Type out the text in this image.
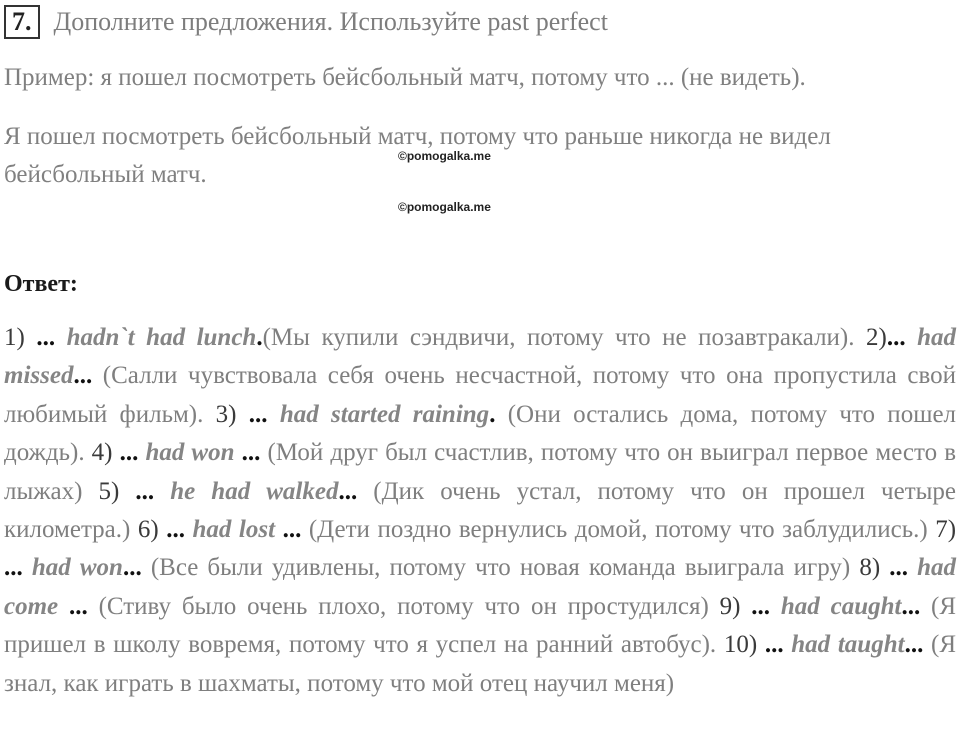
7. Дополните предложения. Используйте past perfect
Пример: я пошел посмотреть бейсбольный матч, потому что ... (не видеть).
Я пошел посмотреть бейсбольный матч, потому что раньше никогда не видел бейсбольный матч.
©pomogalka.me
©pomogalka.me
Ответ:
1) ... hadn`t had lunch.(Мы купили сэндвичи, потому что не позавтракали). 2)... had missed... (Салли чувствовала себя очень несчастной, потому что она пропустила свой любимый фильм). 3) ... had started raining. (Они остались дома, потому что пошел дождь). 4) ... had won ... (Мой друг был счастлив, потому что он выиграл первое место в лыжах) 5) ... he had walked... (Дик очень устал, потому что он прошел четыре километра.) 6) ... had lost ... (Дети поздно вернулись домой, потому что заблудились.) 7) ... had won... (Все были удивлены, потому что новая команда выиграла игру) 8) ... had come ... (Стиву было очень плохо, потому что он простудился) 9) ... had caught... (Я пришел в школу вовремя, потому что я успел на ранний автобус). 10) ... had taught... (Я знал, как играть в шахматы, потому что мой отец научил меня)
